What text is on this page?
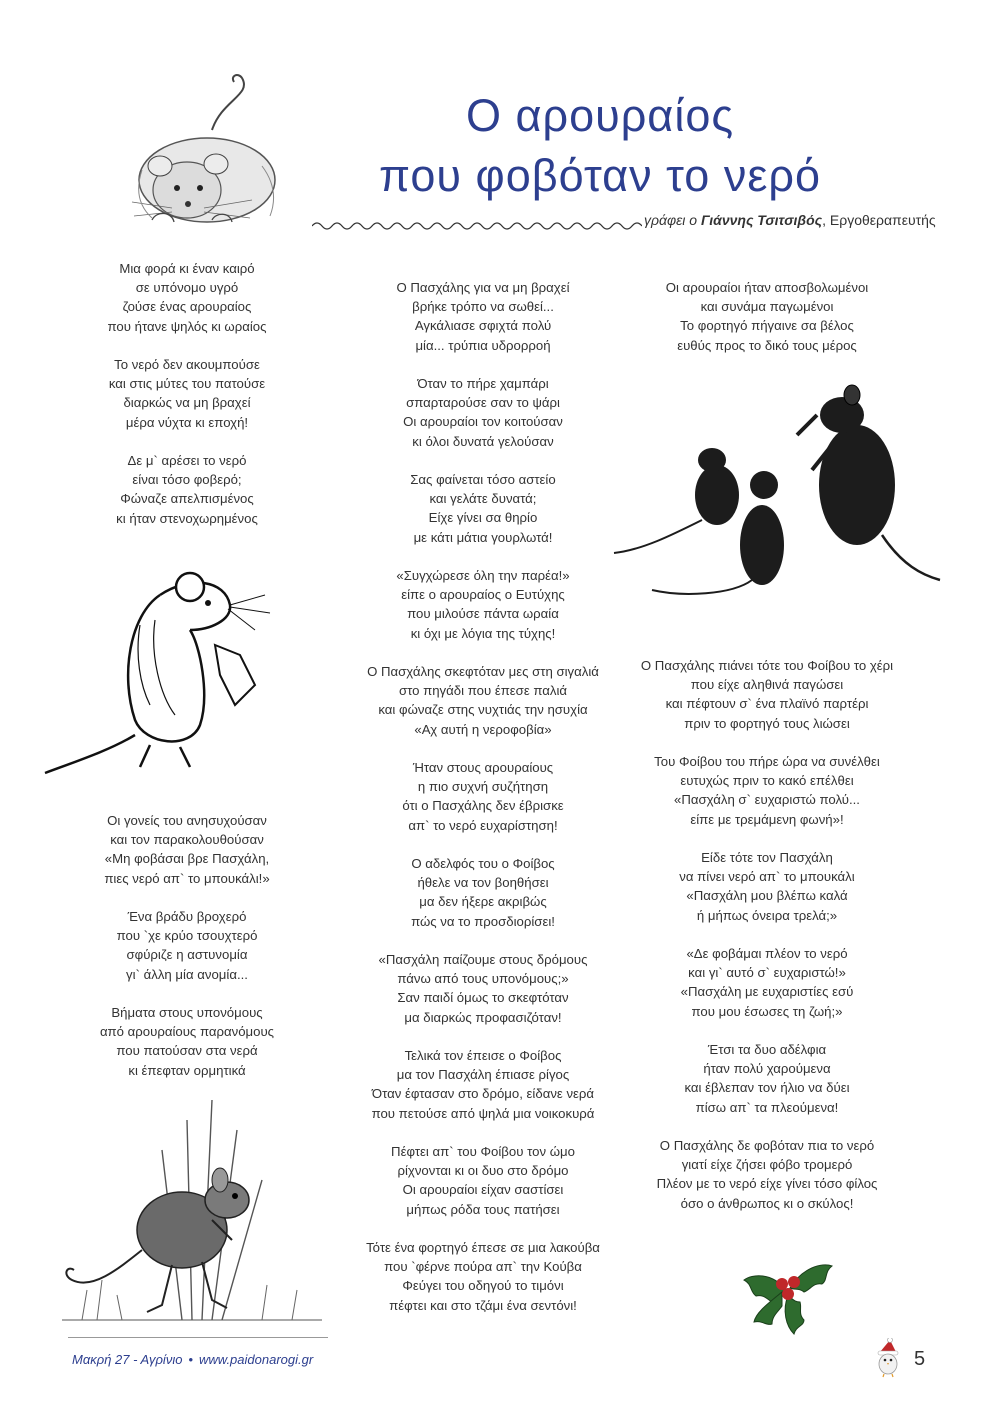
Ο αρουραίος
που φοβόταν το νερό
γράφει ο Γιάννης Τσιτσιβός, Εργοθεραπευτής
Μια φορά κι έναν καιρό
σε υπόνομο υγρό
ζούσε ένας αρουραίος
που ήτανε ψηλός κι ωραίος
Το νερό δεν ακουμπούσε
και στις μύτες του πατούσε
διαρκώς να μη βραχεί
μέρα νύχτα κι εποχή!
Δε μ` αρέσει το νερό
είναι τόσο φοβερό;
Φώναζε απελπισμένος
κι ήταν στενοχωρημένος
Οι γονείς του ανησυχούσαν
και τον παρακολουθούσαν
«Μη φοβάσαι βρε Πασχάλη,
πιες νερό απ` το μπουκάλι!»
Ένα βράδυ βροχερό
που `χε κρύο τσουχτερό
σφύριζε η αστυνομία
γι` άλλη μία ανομία...
Βήματα στους υπονόμους
από αρουραίους παρανόμους
που πατούσαν στα νερά
κι έπεφταν ορμητικά
Ο Πασχάλης για να μη βραχεί
βρήκε τρόπο να σωθεί...
Αγκάλιασε σφιχτά πολύ
μία... τρύπια υδρορροή
Όταν το πήρε χαμπάρι
σπαρταρούσε σαν το ψάρι
Οι αρουραίοι τον κοιτούσαν
κι όλοι δυνατά γελούσαν
Σας φαίνεται τόσο αστείο
και γελάτε δυνατά;
Είχε γίνει σα θηρίο
με κάτι μάτια γουρλωτά!
«Συγχώρεσε όλη την παρέα!»
είπε ο αρουραίος ο Ευτύχης
που μιλούσε πάντα ωραία
κι όχι με λόγια της τύχης!
Ο Πασχάλης σκεφτόταν μες στη σιγαλιά
στο πηγάδι που έπεσε παλιά
και φώναζε στης νυχτιάς την ησυχία
«Αχ αυτή η νεροφοβία»
Ήταν στους αρουραίους
η πιο συχνή συζήτηση
ότι ο Πασχάλης δεν έβρισκε
απ` το νερό ευχαρίστηση!
Ο αδελφός του ο Φοίβος
ήθελε να τον βοηθήσει
μα δεν ήξερε ακριβώς
πώς να το προσδιορίσει!
«Πασχάλη παίζουμε στους δρόμους
πάνω από τους υπονόμους;»
Σαν παιδί όμως το σκεφτόταν
μα διαρκώς προφασιζόταν!
Τελικά τον έπεισε ο Φοίβος
μα τον Πασχάλη έπιασε ρίγος
Όταν έφτασαν στο δρόμο, είδανε νερά
που πετούσε από ψηλά μια νοικοκυρά
Πέφτει απ` του Φοίβου τον ώμο
ρίχνονται κι οι δυο στο δρόμο
Οι αρουραίοι είχαν σαστίσει
μήπως ρόδα τους πατήσει
Τότε ένα φορτηγό έπεσε σε μια λακούβα
που `φέρνε πούρα απ` την Κούβα
Φεύγει του οδηγού το τιμόνι
πέφτει και στο τζάμι ένα σεντόνι!
Οι αρουραίοι ήταν αποσβολωμένοι
και συνάμα παγωμένοι
Το φορτηγό πήγαινε σα βέλος
ευθύς προς το δικό τους μέρος
Ο Πασχάλης πιάνει τότε του Φοίβου το χέρι
που είχε αληθινά παγώσει
και πέφτουν σ` ένα πλαϊνό παρτέρι
πριν το φορτηγό τους λιώσει
Του Φοίβου του πήρε ώρα να συνέλθει
ευτυχώς πριν το κακό επέλθει
«Πασχάλη σ` ευχαριστώ πολύ...
είπε με τρεμάμενη φωνή»!
Είδε τότε τον Πασχάλη
να πίνει νερό απ` το μπουκάλι
«Πασχάλη μου βλέπω καλά
ή μήπως όνειρα τρελά;»
«Δε φοβάμαι πλέον το νερό
και γι` αυτό σ` ευχαριστώ!»
«Πασχάλη με ευχαριστίες εσύ
που μου έσωσες τη ζωή;»
Έτσι τα δυο αδέλφια
ήταν πολύ χαρούμενα
και έβλεπαν τον ήλιο να δύει
πίσω απ` τα πλεούμενα!
Ο Πασχάλης δε φοβόταν πια το νερό
γιατί είχε ζήσει φόβο τρομερό
Πλέον με το νερό είχε γίνει τόσο φίλος
όσο ο άνθρωπος κι ο σκύλος!
Μακρή 27 - Αγρίνιο • www.paidonarogi.gr	5
